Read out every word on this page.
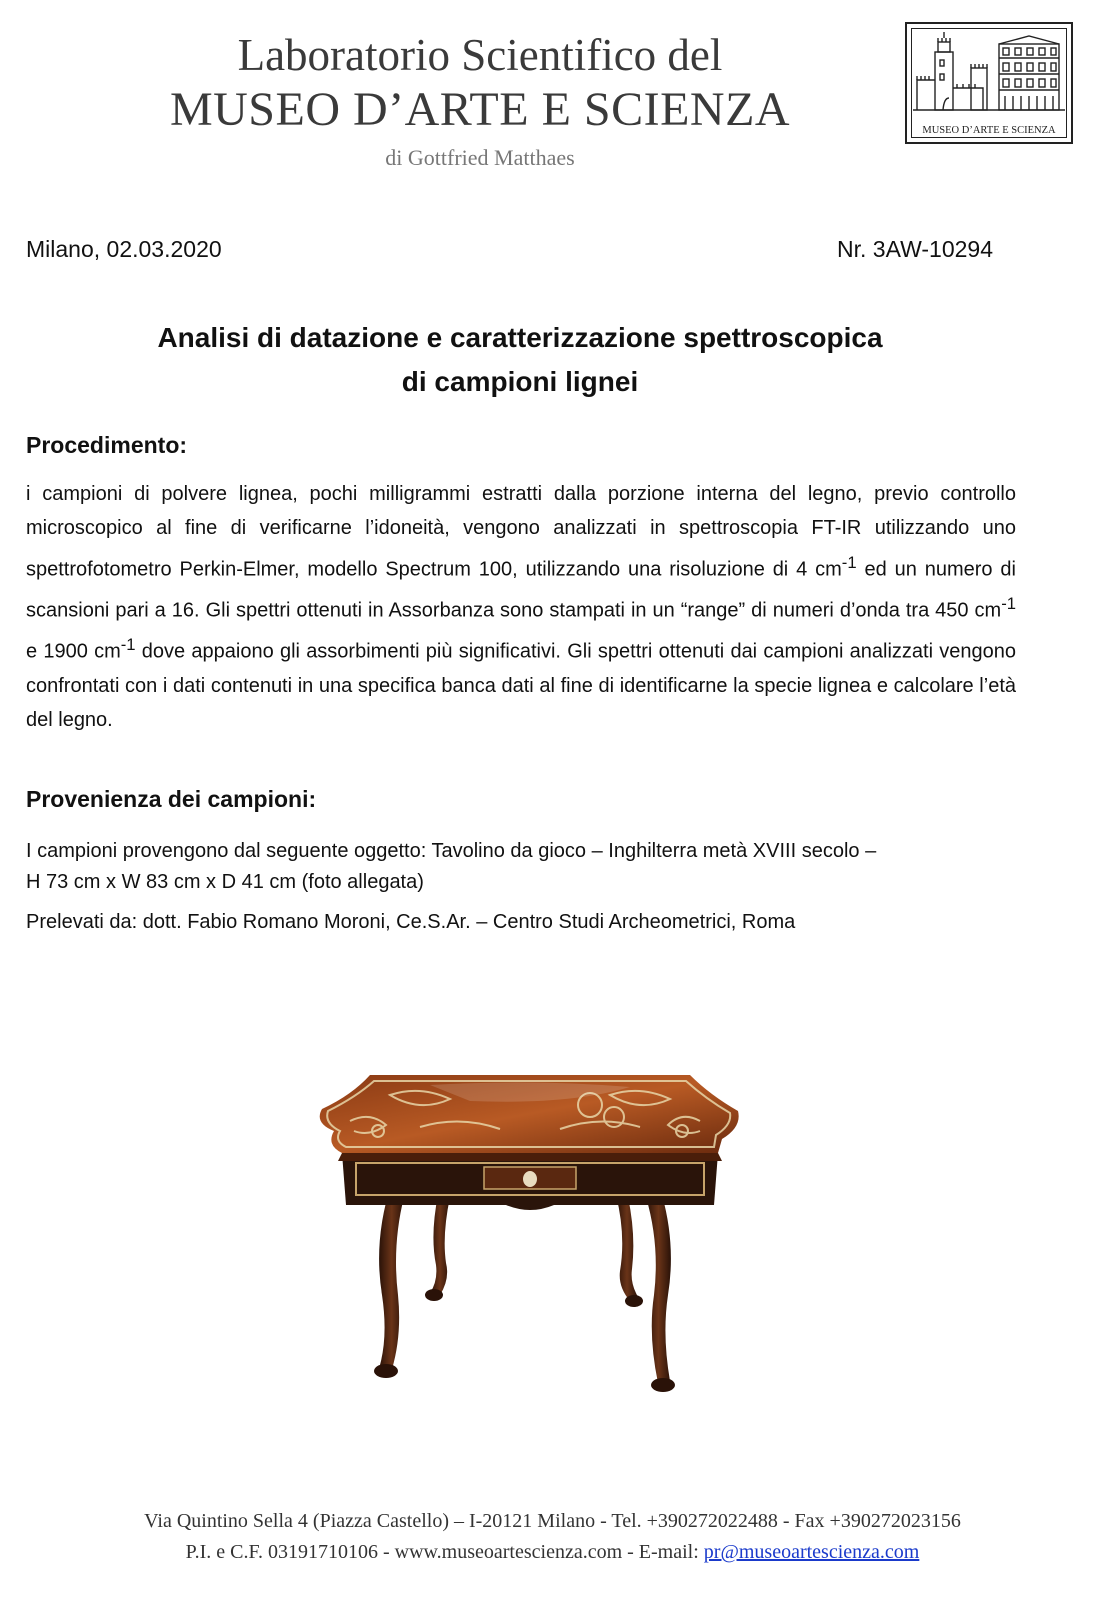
Laboratorio Scientifico del
MUSEO D’ARTE E SCIENZA
di Gottfried Matthaes
MUSEO D’ARTE E SCIENZA
Milano, 02.03.2020	Nr. 3AW-10294
Analisi di datazione e caratterizzazione spettroscopica
di campioni lignei
Procedimento:
i campioni di polvere lignea, pochi milligrammi estratti dalla porzione interna del legno, previo controllo microscopico al fine di verificarne l’idoneità, vengono analizzati in spettroscopia FT-IR utilizzando uno spettrofotometro Perkin-Elmer, modello Spectrum 100, utilizzando una risoluzione di 4 $cm^{-1}$ ed un numero di scansioni pari a 16. Gli spettri ottenuti in Assorbanza sono stampati in un “range” di numeri d’onda tra 450 $cm^{-1}$ e 1900 $cm^{-1}$ dove appaiono gli assorbimenti più significativi. Gli spettri ottenuti dai campioni analizzati vengono confrontati con i dati contenuti in una specifica banca dati al fine di identificarne la specie lignea e calcolare l’età del legno.
Provenienza dei campioni:
I campioni provengono dal seguente oggetto: Tavolino da gioco – Inghilterra metà XVIII secolo –
H 73 cm x W 83 cm x D 41 cm (foto allegata)
Prelevati da: dott. Fabio Romano Moroni, Ce.S.Ar. – Centro Studi Archeometrici, Roma
Via Quintino Sella 4 (Piazza Castello) – I-20121 Milano - Tel. +390272022488 - Fax +390272023156
P.I. e C.F. 03191710106 - www.museoartescienza.com - E-mail: pr@museoartescienza.com
